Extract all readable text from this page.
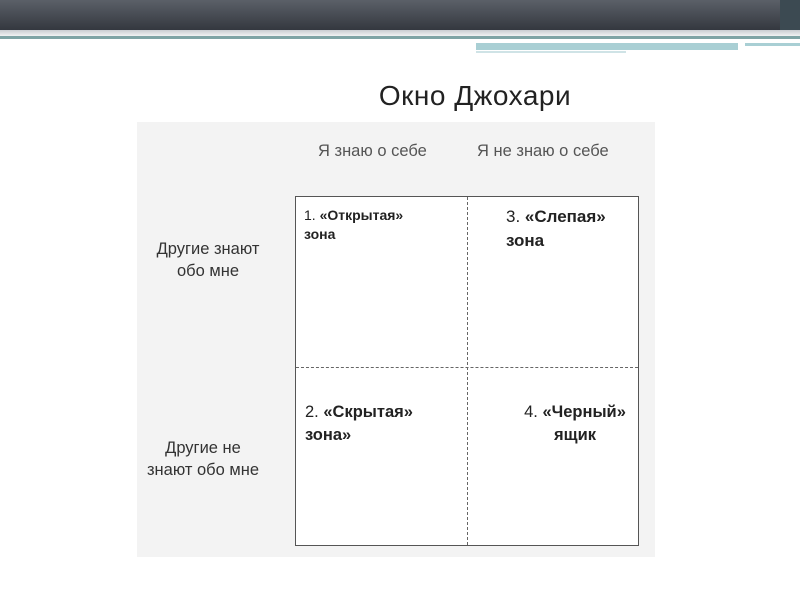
Окно Джохари
Я знаю о себе	Я не знаю о себе
Другие знают
обо мне
Другие не
знают обо мне
1. «Открытая»
зона
3. «Слепая»
зона
2. «Скрытая»
зона»
4. «Черный»
ящик
